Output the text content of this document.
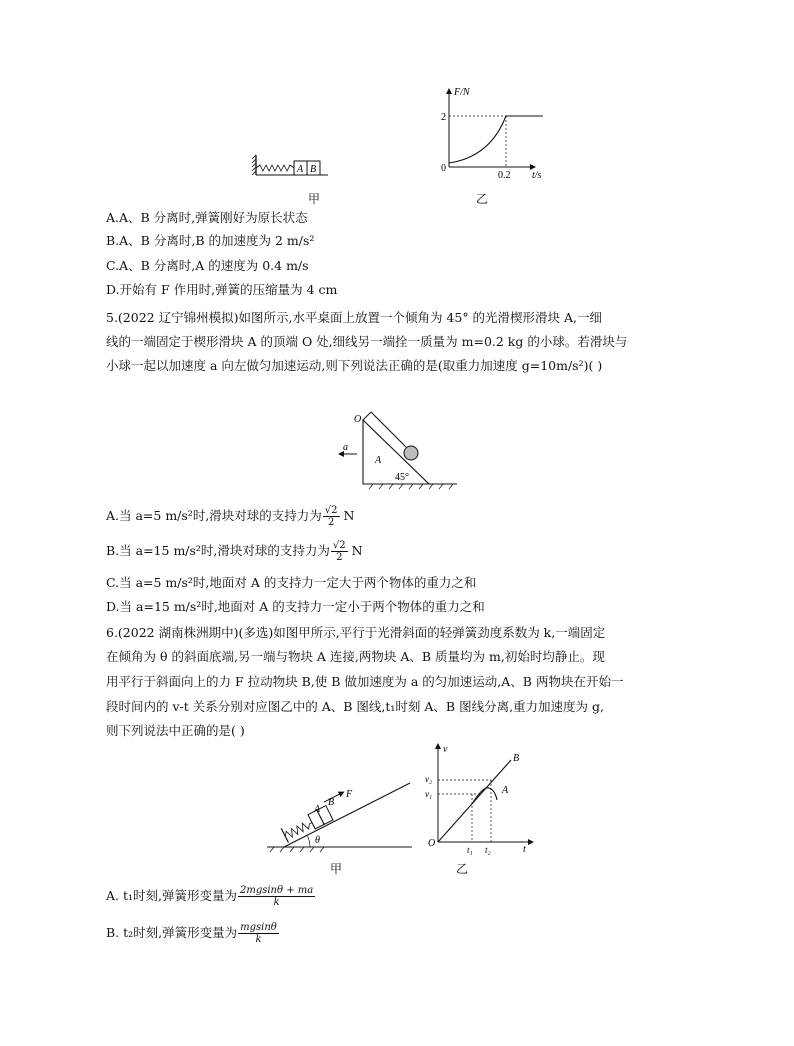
A B
甲
F/N
t/s
0
2
0.2
乙
A.A、B 分离时,弹簧刚好为原长状态
B.A、B 分离时,B 的加速度为 2 m/s²
C.A、B 分离时,A 的速度为 0.4 m/s
D.开始有 F 作用时,弹簧的压缩量为 4 cm
5.(2022 辽宁锦州模拟)如图所示,水平桌面上放置一个倾角为 45° 的光滑楔形滑块 A,一细
线的一端固定于楔形滑块 A 的顶端 O 处,细线另一端拴一质量为 m=0.2 kg 的小球。若滑块与
小球一起以加速度 a 向左做匀加速运动,则下列说法正确的是(取重力加速度 g=10m/s²)( )
O
a
A
45°
A.当 a=5 m/s²时,滑块对球的支持力为 $\frac{√2}{2}$ N
B.当 a=15 m/s²时,滑块对球的支持力为 $\frac{√2}{2}$ N
C.当 a=5 m/s²时,地面对 A 的支持力一定大于两个物体的重力之和
D.当 a=15 m/s²时,地面对 A 的支持力一定小于两个物体的重力之和
6.(2022 湖南株洲期中)(多选)如图甲所示,平行于光滑斜面的轻弹簧劲度系数为 k,一端固定
在倾角为 θ 的斜面底端,另一端与物块 A 连接,两物块 A、B 质量均为 m,初始时均静止。现
用平行于斜面向上的力 F 拉动物块 B,使 B 做加速度为 a 的匀加速运动,A、B 两物块在开始一
段时间内的 v-t 关系分别对应图乙中的 A、B 图线,t₁时刻 A、B 图线分离,重力加速度为 g,
则下列说法中正确的是( )
A
B
F
θ
甲
v
t
O
v₂
v₁
t₁ t₂
B
A
乙
A. t₁时刻,弹簧形变量为 $\frac{2mgsin\theta + ma}{k}$
B. t₂时刻,弹簧形变量为 $\frac{mgsin\theta}{k}$
